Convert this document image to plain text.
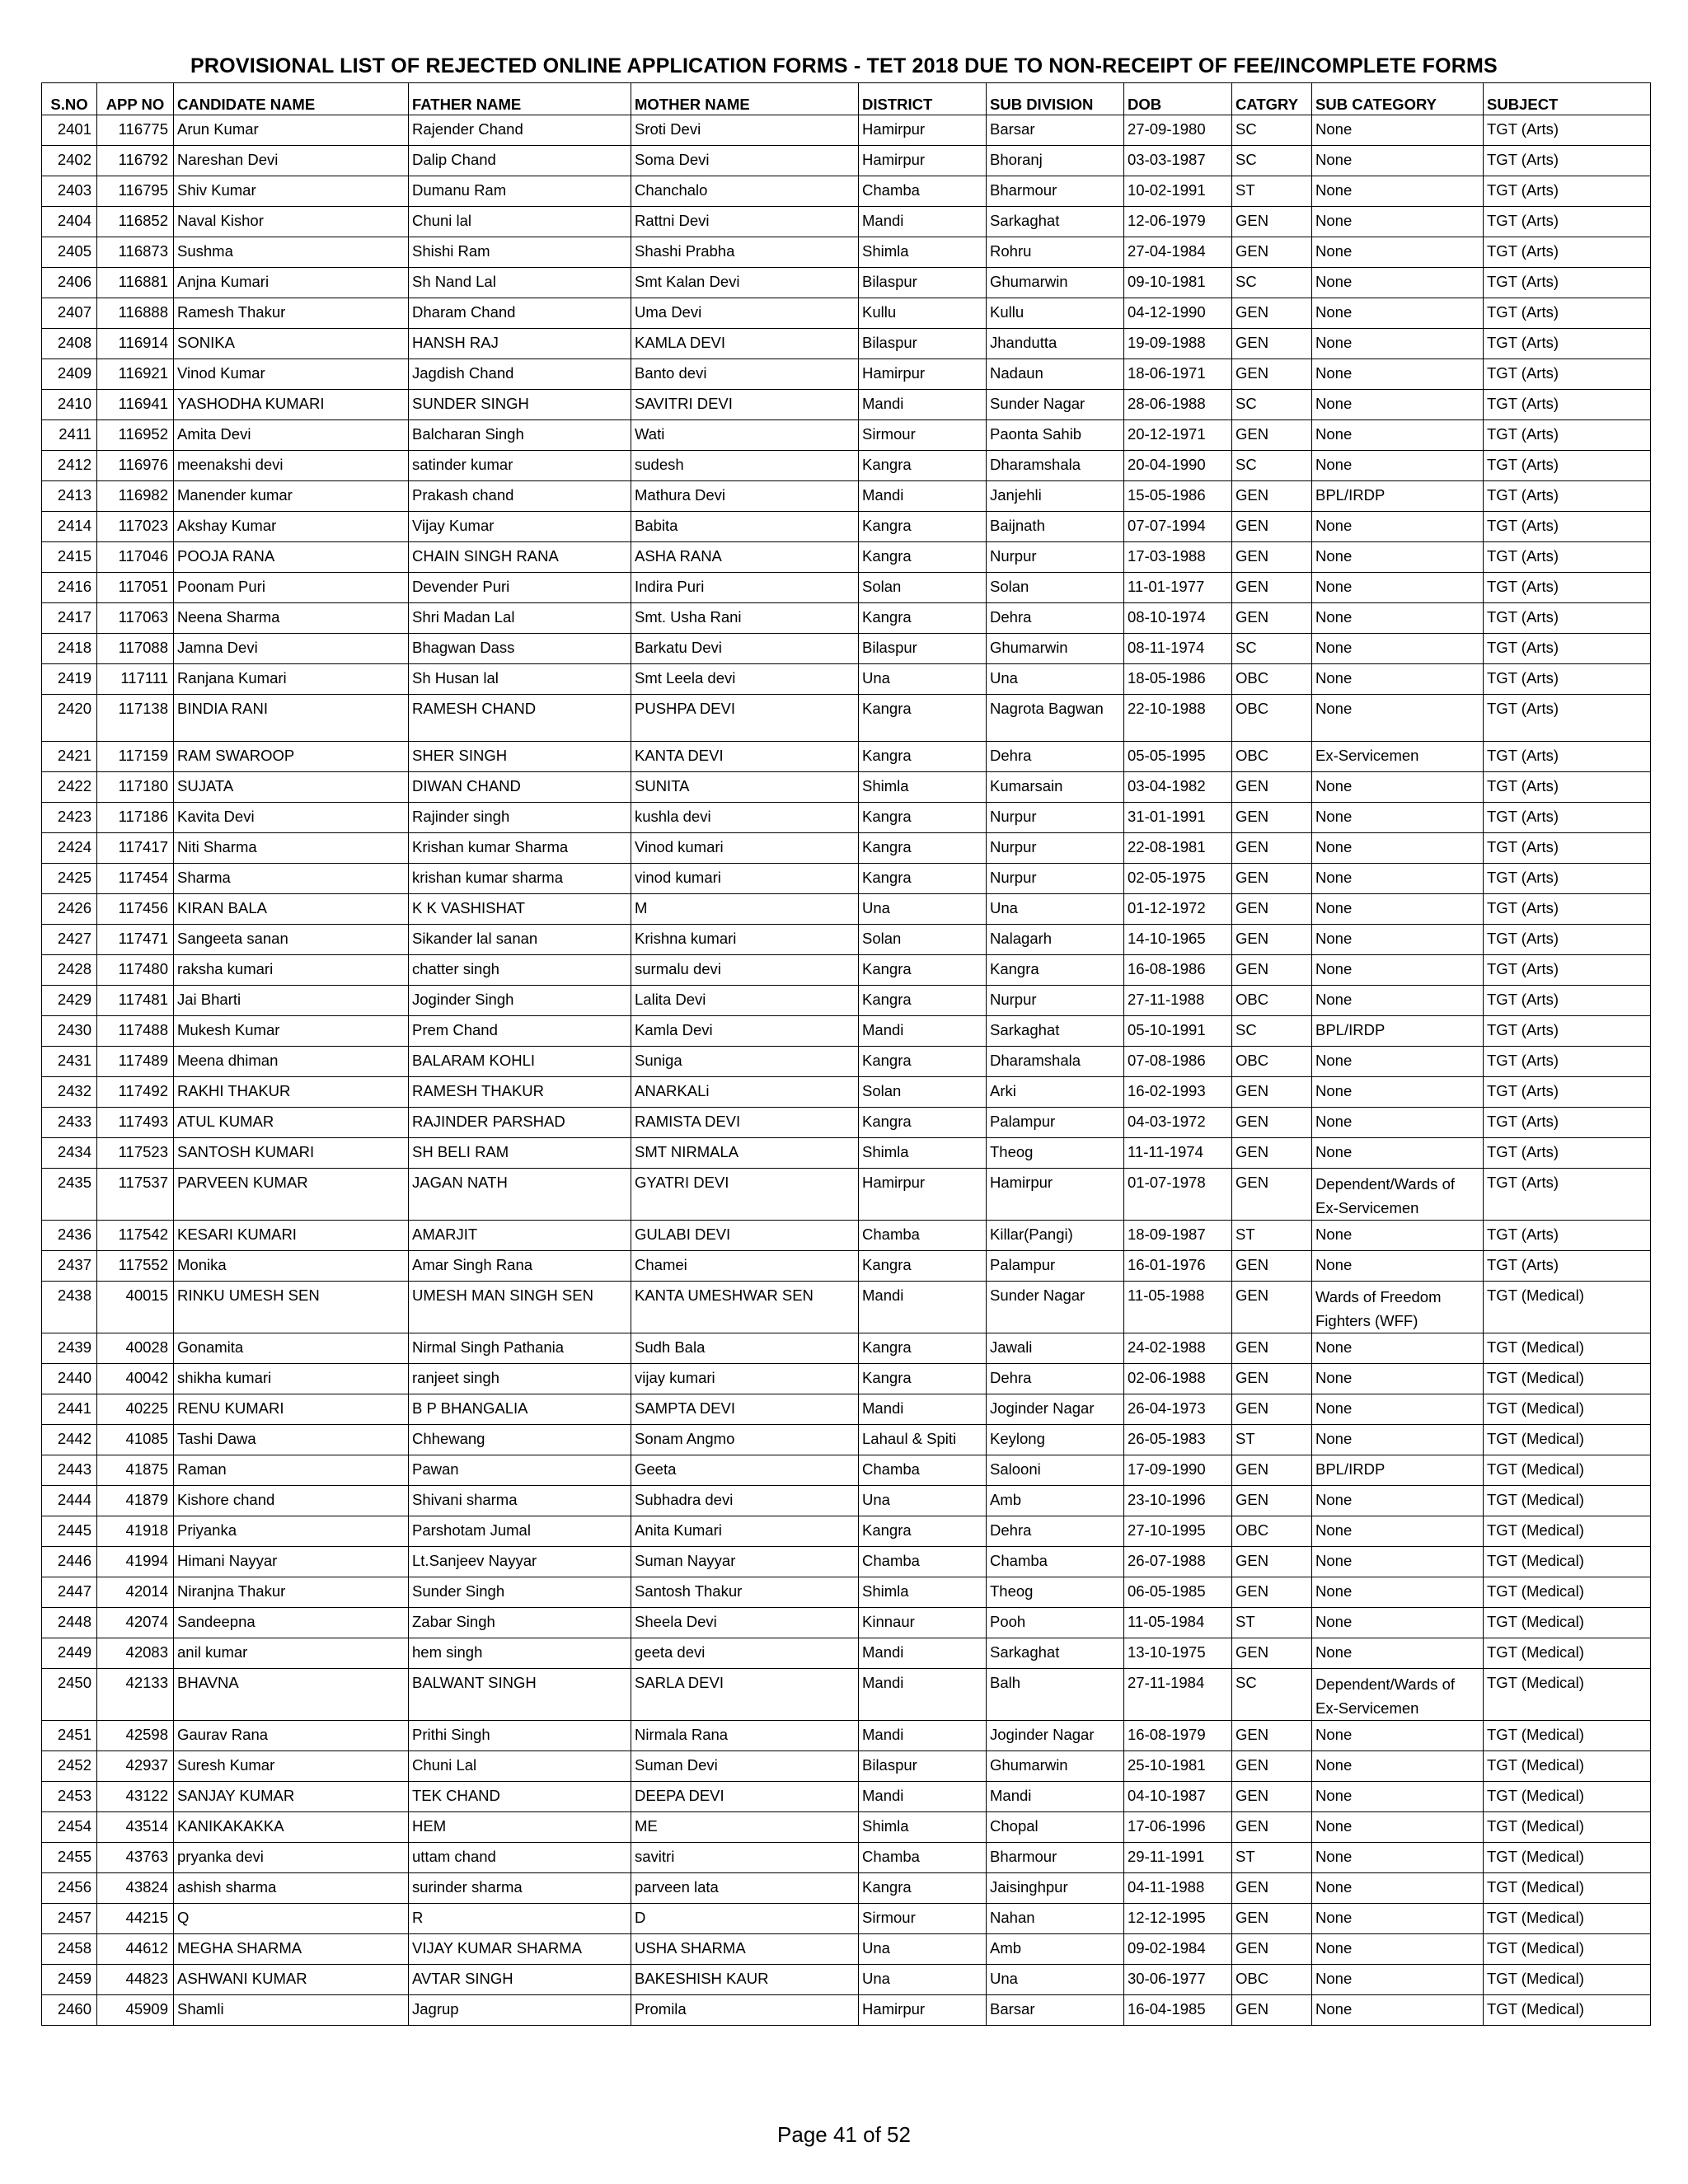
PROVISIONAL LIST OF REJECTED ONLINE APPLICATION FORMS - TET 2018 DUE TO NON-RECEIPT OF FEE/INCOMPLETE FORMS
S.NO	APP NO	CANDIDATE NAME	FATHER NAME	MOTHER NAME	DISTRICT	SUB DIVISION	DOB	CATGRY	SUB CATEGORY	SUBJECT
2401	116775	Arun Kumar	Rajender Chand	Sroti Devi	Hamirpur	Barsar	27-09-1980	SC	None	TGT (Arts)
2402	116792	Nareshan Devi	Dalip Chand	Soma Devi	Hamirpur	Bhoranj	03-03-1987	SC	None	TGT (Arts)
2403	116795	Shiv Kumar	Dumanu Ram	Chanchalo	Chamba	Bharmour	10-02-1991	ST	None	TGT (Arts)
2404	116852	Naval Kishor	Chuni lal	Rattni Devi	Mandi	Sarkaghat	12-06-1979	GEN	None	TGT (Arts)
2405	116873	Sushma	Shishi Ram	Shashi Prabha	Shimla	Rohru	27-04-1984	GEN	None	TGT (Arts)
2406	116881	Anjna Kumari	Sh Nand Lal	Smt Kalan Devi	Bilaspur	Ghumarwin	09-10-1981	SC	None	TGT (Arts)
2407	116888	Ramesh Thakur	Dharam Chand	Uma Devi	Kullu	Kullu	04-12-1990	GEN	None	TGT (Arts)
2408	116914	SONIKA	HANSH RAJ	KAMLA DEVI	Bilaspur	Jhandutta	19-09-1988	GEN	None	TGT (Arts)
2409	116921	Vinod Kumar	Jagdish Chand	Banto devi	Hamirpur	Nadaun	18-06-1971	GEN	None	TGT (Arts)
2410	116941	YASHODHA KUMARI	SUNDER SINGH	SAVITRI DEVI	Mandi	Sunder Nagar	28-06-1988	SC	None	TGT (Arts)
2411	116952	Amita Devi	Balcharan Singh	Wati	Sirmour	Paonta Sahib	20-12-1971	GEN	None	TGT (Arts)
2412	116976	meenakshi devi	satinder kumar	sudesh	Kangra	Dharamshala	20-04-1990	SC	None	TGT (Arts)
2413	116982	Manender kumar	Prakash chand	Mathura Devi	Mandi	Janjehli	15-05-1986	GEN	BPL/IRDP	TGT (Arts)
2414	117023	Akshay Kumar	Vijay Kumar	Babita	Kangra	Baijnath	07-07-1994	GEN	None	TGT (Arts)
2415	117046	POOJA RANA	CHAIN SINGH RANA	ASHA RANA	Kangra	Nurpur	17-03-1988	GEN	None	TGT (Arts)
2416	117051	Poonam Puri	Devender Puri	Indira Puri	Solan	Solan	11-01-1977	GEN	None	TGT (Arts)
2417	117063	Neena Sharma	Shri Madan Lal	Smt. Usha Rani	Kangra	Dehra	08-10-1974	GEN	None	TGT (Arts)
2418	117088	Jamna Devi	Bhagwan Dass	Barkatu Devi	Bilaspur	Ghumarwin	08-11-1974	SC	None	TGT (Arts)
2419	117111	Ranjana Kumari	Sh Husan lal	Smt Leela devi	Una	Una	18-05-1986	OBC	None	TGT (Arts)
2420	117138	BINDIA RANI	RAMESH CHAND	PUSHPA DEVI	Kangra	Nagrota Bagwan	22-10-1988	OBC	None	TGT (Arts)
2421	117159	RAM SWAROOP	SHER SINGH	KANTA DEVI	Kangra	Dehra	05-05-1995	OBC	Ex-Servicemen	TGT (Arts)
2422	117180	SUJATA	DIWAN CHAND	SUNITA	Shimla	Kumarsain	03-04-1982	GEN	None	TGT (Arts)
2423	117186	Kavita Devi	Rajinder singh	kushla devi	Kangra	Nurpur	31-01-1991	GEN	None	TGT (Arts)
2424	117417	Niti Sharma	Krishan kumar Sharma	Vinod kumari	Kangra	Nurpur	22-08-1981	GEN	None	TGT (Arts)
2425	117454	Sharma	krishan kumar sharma	vinod kumari	Kangra	Nurpur	02-05-1975	GEN	None	TGT (Arts)
2426	117456	KIRAN BALA	K K VASHISHAT	M	Una	Una	01-12-1972	GEN	None	TGT (Arts)
2427	117471	Sangeeta sanan	Sikander lal sanan	Krishna kumari	Solan	Nalagarh	14-10-1965	GEN	None	TGT (Arts)
2428	117480	raksha kumari	chatter singh	surmalu devi	Kangra	Kangra	16-08-1986	GEN	None	TGT (Arts)
2429	117481	Jai Bharti	Joginder Singh	Lalita Devi	Kangra	Nurpur	27-11-1988	OBC	None	TGT (Arts)
2430	117488	Mukesh Kumar	Prem Chand	Kamla Devi	Mandi	Sarkaghat	05-10-1991	SC	BPL/IRDP	TGT (Arts)
2431	117489	Meena dhiman	BALARAM KOHLI	Suniga	Kangra	Dharamshala	07-08-1986	OBC	None	TGT (Arts)
2432	117492	RAKHI THAKUR	RAMESH THAKUR	ANARKALi	Solan	Arki	16-02-1993	GEN	None	TGT (Arts)
2433	117493	ATUL KUMAR	RAJINDER PARSHAD	RAMISTA DEVI	Kangra	Palampur	04-03-1972	GEN	None	TGT (Arts)
2434	117523	SANTOSH KUMARI	SH BELI RAM	SMT NIRMALA	Shimla	Theog	11-11-1974	GEN	None	TGT (Arts)
2435	117537	PARVEEN KUMAR	JAGAN NATH	GYATRI DEVI	Hamirpur	Hamirpur	01-07-1978	GEN	Dependent/Wards of Ex-Servicemen	TGT (Arts)
2436	117542	KESARI KUMARI	AMARJIT	GULABI DEVI	Chamba	Killar(Pangi)	18-09-1987	ST	None	TGT (Arts)
2437	117552	Monika	Amar Singh Rana	Chamei	Kangra	Palampur	16-01-1976	GEN	None	TGT (Arts)
2438	40015	RINKU UMESH SEN	UMESH MAN SINGH SEN	KANTA UMESHWAR SEN	Mandi	Sunder Nagar	11-05-1988	GEN	Wards of Freedom Fighters (WFF)	TGT (Medical)
2439	40028	Gonamita	Nirmal Singh Pathania	Sudh Bala	Kangra	Jawali	24-02-1988	GEN	None	TGT (Medical)
2440	40042	shikha kumari	ranjeet singh	vijay kumari	Kangra	Dehra	02-06-1988	GEN	None	TGT (Medical)
2441	40225	RENU KUMARI	B P BHANGALIA	SAMPTA DEVI	Mandi	Joginder Nagar	26-04-1973	GEN	None	TGT (Medical)
2442	41085	Tashi Dawa	Chhewang	Sonam Angmo	Lahaul & Spiti	Keylong	26-05-1983	ST	None	TGT (Medical)
2443	41875	Raman	Pawan	Geeta	Chamba	Salooni	17-09-1990	GEN	BPL/IRDP	TGT (Medical)
2444	41879	Kishore chand	Shivani sharma	Subhadra devi	Una	Amb	23-10-1996	GEN	None	TGT (Medical)
2445	41918	Priyanka	Parshotam Jumal	Anita Kumari	Kangra	Dehra	27-10-1995	OBC	None	TGT (Medical)
2446	41994	Himani Nayyar	Lt.Sanjeev Nayyar	Suman Nayyar	Chamba	Chamba	26-07-1988	GEN	None	TGT (Medical)
2447	42014	Niranjna Thakur	Sunder Singh	Santosh Thakur	Shimla	Theog	06-05-1985	GEN	None	TGT (Medical)
2448	42074	Sandeepna	Zabar Singh	Sheela Devi	Kinnaur	Pooh	11-05-1984	ST	None	TGT (Medical)
2449	42083	anil kumar	hem singh	geeta devi	Mandi	Sarkaghat	13-10-1975	GEN	None	TGT (Medical)
2450	42133	BHAVNA	BALWANT SINGH	SARLA DEVI	Mandi	Balh	27-11-1984	SC	Dependent/Wards of Ex-Servicemen	TGT (Medical)
2451	42598	Gaurav Rana	Prithi Singh	Nirmala Rana	Mandi	Joginder Nagar	16-08-1979	GEN	None	TGT (Medical)
2452	42937	Suresh Kumar	Chuni Lal	Suman Devi	Bilaspur	Ghumarwin	25-10-1981	GEN	None	TGT (Medical)
2453	43122	SANJAY KUMAR	TEK CHAND	DEEPA DEVI	Mandi	Mandi	04-10-1987	GEN	None	TGT (Medical)
2454	43514	KANIKAKAKKA	HEM	ME	Shimla	Chopal	17-06-1996	GEN	None	TGT (Medical)
2455	43763	pryanka devi	uttam chand	savitri	Chamba	Bharmour	29-11-1991	ST	None	TGT (Medical)
2456	43824	ashish sharma	surinder sharma	parveen lata	Kangra	Jaisinghpur	04-11-1988	GEN	None	TGT (Medical)
2457	44215	Q	R	D	Sirmour	Nahan	12-12-1995	GEN	None	TGT (Medical)
2458	44612	MEGHA SHARMA	VIJAY KUMAR SHARMA	USHA SHARMA	Una	Amb	09-02-1984	GEN	None	TGT (Medical)
2459	44823	ASHWANI KUMAR	AVTAR SINGH	BAKESHISH KAUR	Una	Una	30-06-1977	OBC	None	TGT (Medical)
2460	45909	Shamli	Jagrup	Promila	Hamirpur	Barsar	16-04-1985	GEN	None	TGT (Medical)
Page 41 of 52
